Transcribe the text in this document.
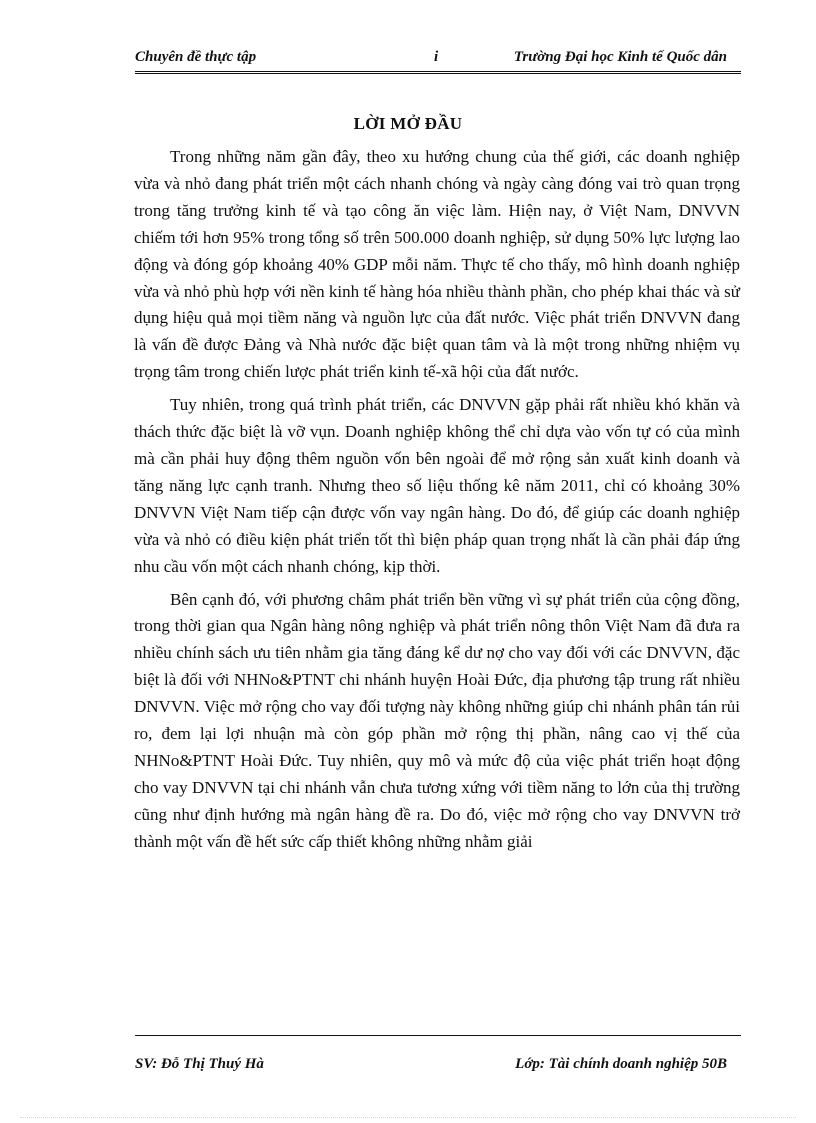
Chuyên đề thực tập	i	Trường Đại học Kinh tế Quốc dân
LỜI MỞ ĐẦU

Trong những năm gần đây, theo xu hướng chung của thế giới, các doanh nghiệp vừa và nhỏ đang phát triển một cách nhanh chóng và ngày càng đóng vai trò quan trọng trong tăng trưởng kinh tế và tạo công ăn việc làm. Hiện nay, ở Việt Nam, DNVVN chiếm tới hơn 95% trong tổng số trên 500.000 doanh nghiệp, sử dụng 50% lực lượng lao động và đóng góp khoảng 40% GDP mỗi năm. Thực tế cho thấy, mô hình doanh nghiệp vừa và nhỏ phù hợp với nền kinh tế hàng hóa nhiều thành phần, cho phép khai thác và sử dụng hiệu quả mọi tiềm năng và nguồn lực của đất nước. Việc phát triển DNVVN đang là vấn đề được Đảng và Nhà nước đặc biệt quan tâm và là một trong những nhiệm vụ trọng tâm trong chiến lược phát triển kinh tế-xã hội của đất nước.

Tuy nhiên, trong quá trình phát triển, các DNVVN gặp phải rất nhiều khó khăn và thách thức đặc biệt là vỡ vụn. Doanh nghiệp không thể chỉ dựa vào vốn tự có của mình mà cần phải huy động thêm nguồn vốn bên ngoài để mở rộng sản xuất kinh doanh và tăng năng lực cạnh tranh. Nhưng theo số liệu thống kê năm 2011, chỉ có khoảng 30% DNVVN Việt Nam tiếp cận được vốn vay ngân hàng. Do đó, để giúp các doanh nghiệp vừa và nhỏ có điều kiện phát triển tốt thì biện pháp quan trọng nhất là cần phải đáp ứng nhu cầu vốn một cách nhanh chóng, kịp thời.

Bên cạnh đó, với phương châm phát triển bền vững vì sự phát triển của cộng đồng, trong thời gian qua Ngân hàng nông nghiệp và phát triển nông thôn Việt Nam đã đưa ra nhiều chính sách ưu tiên nhằm gia tăng đáng kể dư nợ cho vay đối với các DNVVN, đặc biệt là đối với NHNo&PTNT chi nhánh huyện Hoài Đức, địa phương tập trung rất nhiều DNVVN. Việc mở rộng cho vay đối tượng này không những giúp chi nhánh phân tán rủi ro, đem lại lợi nhuận mà còn góp phần mở rộng thị phần, nâng cao vị thế của NHNo&PTNT Hoài Đức. Tuy nhiên, quy mô và mức độ của việc phát triển hoạt động cho vay DNVVN tại chi nhánh vẫn chưa tương xứng với tiềm năng to lớn của thị trường cũng như định hướng mà ngân hàng đề ra. Do đó, việc mở rộng cho vay DNVVN trở thành một vấn đề hết sức cấp thiết không những nhằm giải

SV: Đỗ Thị Thuý Hà	Lớp: Tài chính doanh nghiệp 50B
